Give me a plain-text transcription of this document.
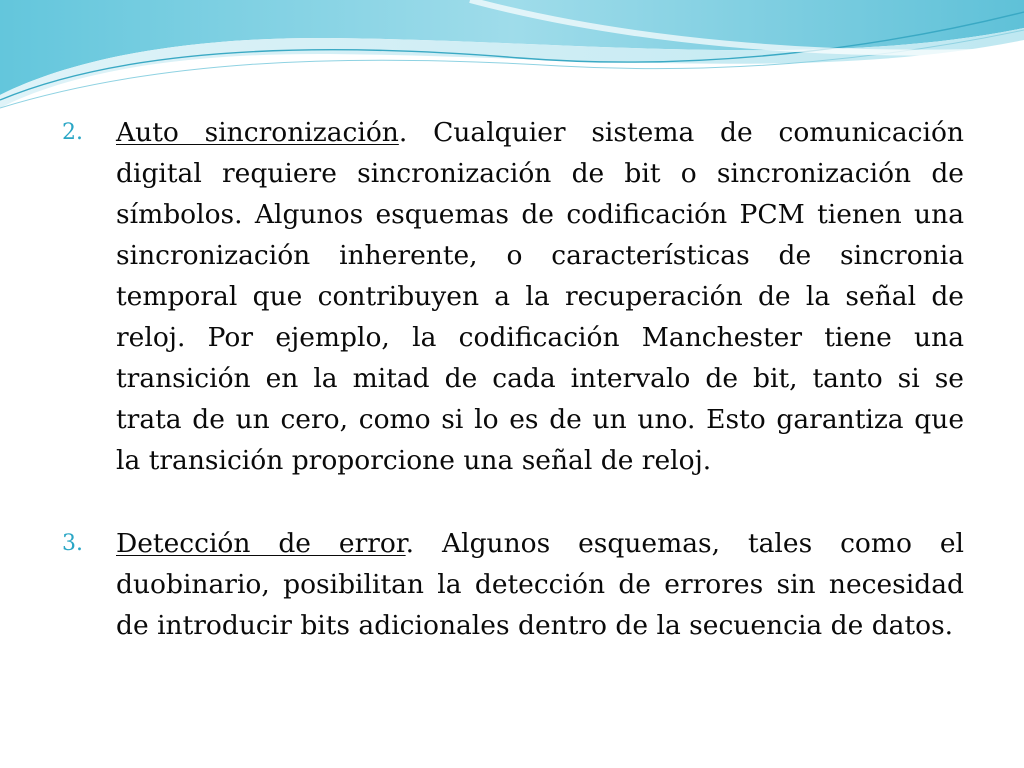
2. Auto sincronización. Cualquier sistema de comunicación digital requiere sincronización de bit o sincronización de símbolos. Algunos esquemas de codificación PCM tienen una sincronización inherente, o características de sincronia temporal que contribuyen a la recuperación de la señal de reloj. Por ejemplo, la codificación Manchester tiene una transición en la mitad de cada intervalo de bit, tanto si se trata de un cero, como si lo es de un uno. Esto garantiza que la transición proporcione una señal de reloj.

3. Detección de error. Algunos esquemas, tales como el duobinario, posibilitan la detección de errores sin necesidad de introducir bits adicionales dentro de la secuencia de datos.
